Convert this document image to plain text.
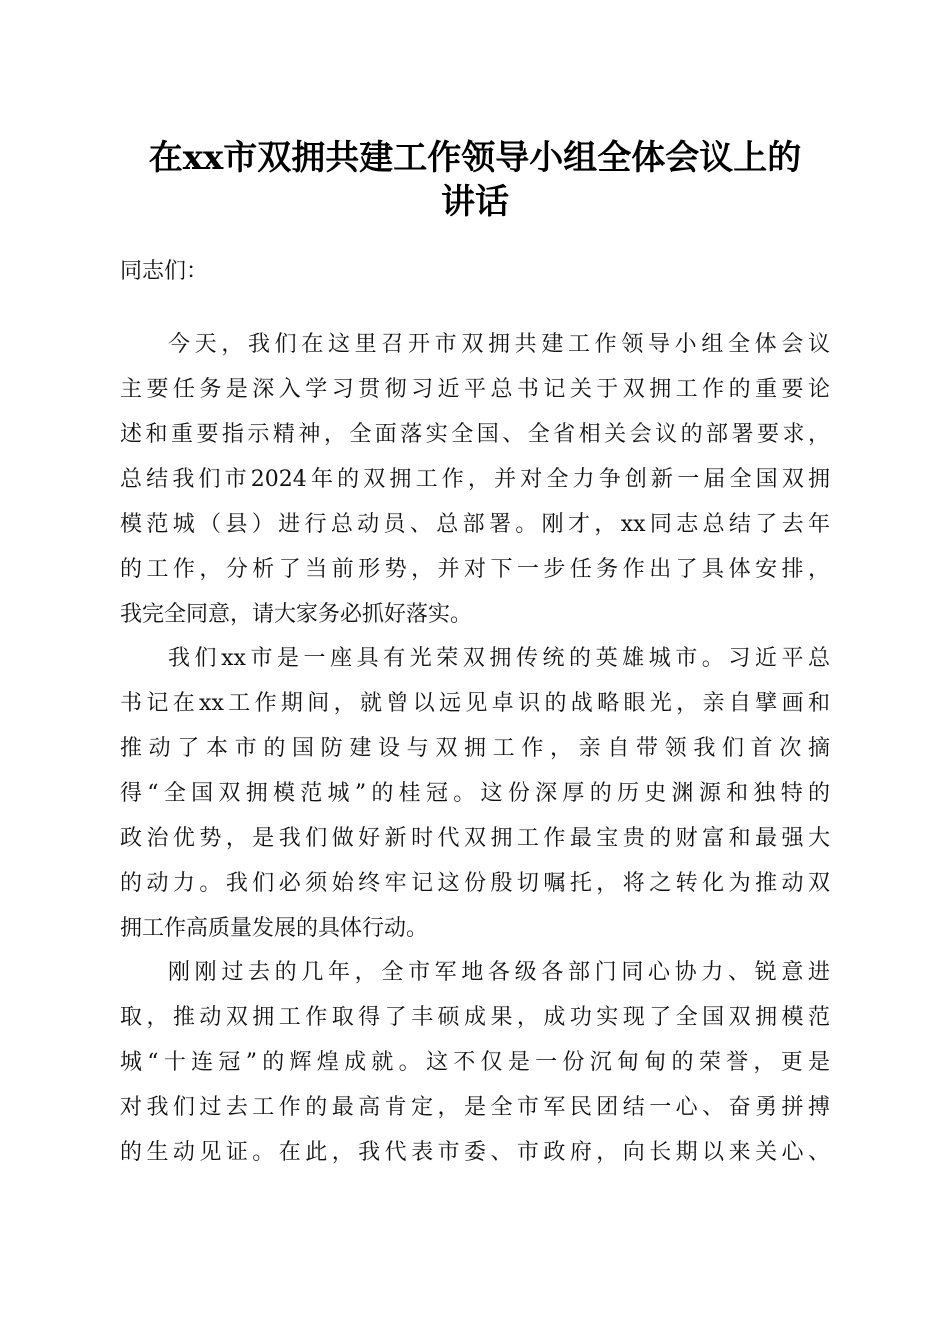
在xx市双拥共建工作领导小组全体会议上的
讲话
同志们：
今天，我们在这里召开市双拥共建工作领导小组全体会议
主要任务是深入学习贯彻习近平总书记关于双拥工作的重要论
述和重要指示精神，全面落实全国、全省相关会议的部署要求，
总结我们市2024年的双拥工作，并对全力争创新一届全国双拥
模范城（县）进行总动员、总部署。刚才，xx同志总结了去年
的工作，分析了当前形势，并对下一步任务作出了具体安排，
我完全同意，请大家务必抓好落实。
我们xx市是一座具有光荣双拥传统的英雄城市。习近平总
书记在xx工作期间，就曾以远见卓识的战略眼光，亲自擘画和
推动了本市的国防建设与双拥工作，亲自带领我们首次摘
得“全国双拥模范城”的桂冠。这份深厚的历史渊源和独特的
政治优势，是我们做好新时代双拥工作最宝贵的财富和最强大
的动力。我们必须始终牢记这份殷切嘱托，将之转化为推动双
拥工作高质量发展的具体行动。
刚刚过去的几年，全市军地各级各部门同心协力、锐意进
取，推动双拥工作取得了丰硕成果，成功实现了全国双拥模范
城“十连冠”的辉煌成就。这不仅是一份沉甸甸的荣誉，更是
对我们过去工作的最高肯定，是全市军民团结一心、奋勇拼搏
的生动见证。在此，我代表市委、市政府，向长期以来关心、
